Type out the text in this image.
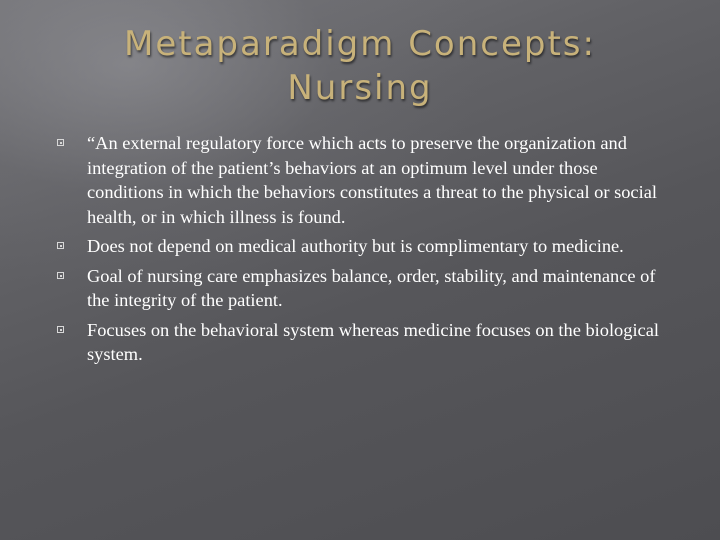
Metaparadigm Concepts:
Nursing
“An external regulatory force which acts to preserve the organization and integration of the patient’s behaviors at an optimum level under those conditions in which the behaviors constitutes a threat to the physical or social health, or in which illness is found.
Does not depend on medical authority but is complimentary to medicine.
Goal of nursing care emphasizes balance, order, stability, and maintenance of the integrity of the patient.
Focuses on the behavioral system whereas medicine focuses on the biological system.
